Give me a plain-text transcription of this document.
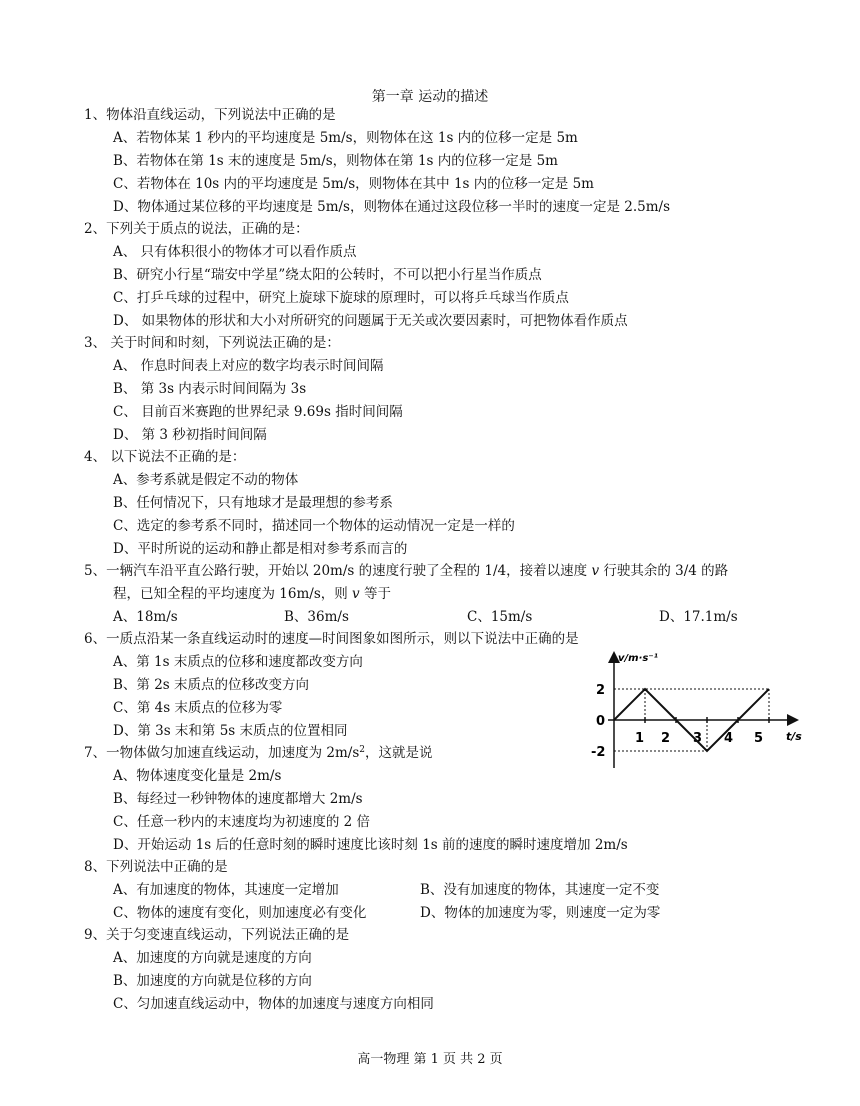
第一章 运动的描述
1、物体沿直线运动，下列说法中正确的是
A、若物体某 1 秒内的平均速度是 5m/s，则物体在这 1s 内的位移一定是 5m
B、若物体在第 1s 末的速度是 5m/s，则物体在第 1s 内的位移一定是 5m
C、若物体在 10s 内的平均速度是 5m/s，则物体在其中 1s 内的位移一定是 5m
D、物体通过某位移的平均速度是 5m/s，则物体在通过这段位移一半时的速度一定是 2.5m/s
2、下列关于质点的说法，正确的是：
A、 只有体积很小的物体才可以看作质点
B、研究小行星“瑞安中学星”绕太阳的公转时，不可以把小行星当作质点
C、打乒乓球的过程中，研究上旋球下旋球的原理时，可以将乒乓球当作质点
D、 如果物体的形状和大小对所研究的问题属于无关或次要因素时，可把物体看作质点
3、 关于时间和时刻，下列说法正确的是：
A、 作息时间表上对应的数字均表示时间间隔
B、 第 3s 内表示时间间隔为 3s
C、 目前百米赛跑的世界纪录 9.69s 指时间间隔
D、 第 3 秒初指时间间隔
4、 以下说法不正确的是：
A、参考系就是假定不动的物体
B、任何情况下，只有地球才是最理想的参考系
C、选定的参考系不同时，描述同一个物体的运动情况一定是一样的
D、平时所说的运动和静止都是相对参考系而言的
5、一辆汽车沿平直公路行驶，开始以 20m/s 的速度行驶了全程的 1/4，接着以速度 v 行驶其余的 3/4 的路
程，已知全程的平均速度为 16m/s，则 v 等于
A、18m/s	B、36m/s	C、15m/s	D、17.1m/s
6、一质点沿某一条直线运动时的速度—时间图象如图所示，则以下说法中正确的是
A、第 1s 末质点的位移和速度都改变方向
B、第 2s 末质点的位移改变方向
C、第 4s 末质点的位移为零
D、第 3s 末和第 5s 末质点的位置相同
v/m·s⁻¹
t/s
2
0
-2
1 2 3 4 5
7、一物体做匀加速直线运动，加速度为 $2m/s^2$，这就是说
A、物体速度变化量是 2m/s
B、每经过一秒钟物体的速度都增大 2m/s
C、任意一秒内的末速度均为初速度的 2 倍
D、开始运动 1s 后的任意时刻的瞬时速度比该时刻 1s 前的速度的瞬时速度增加 2m/s
8、下列说法中正确的是
A、有加速度的物体，其速度一定增加	B、没有加速度的物体，其速度一定不变
C、物体的速度有变化，则加速度必有变化	D、物体的加速度为零，则速度一定为零
9、关于匀变速直线运动，下列说法正确的是
A、加速度的方向就是速度的方向
B、加速度的方向就是位移的方向
C、匀加速直线运动中，物体的加速度与速度方向相同
高一物理 第 1 页 共 2 页
